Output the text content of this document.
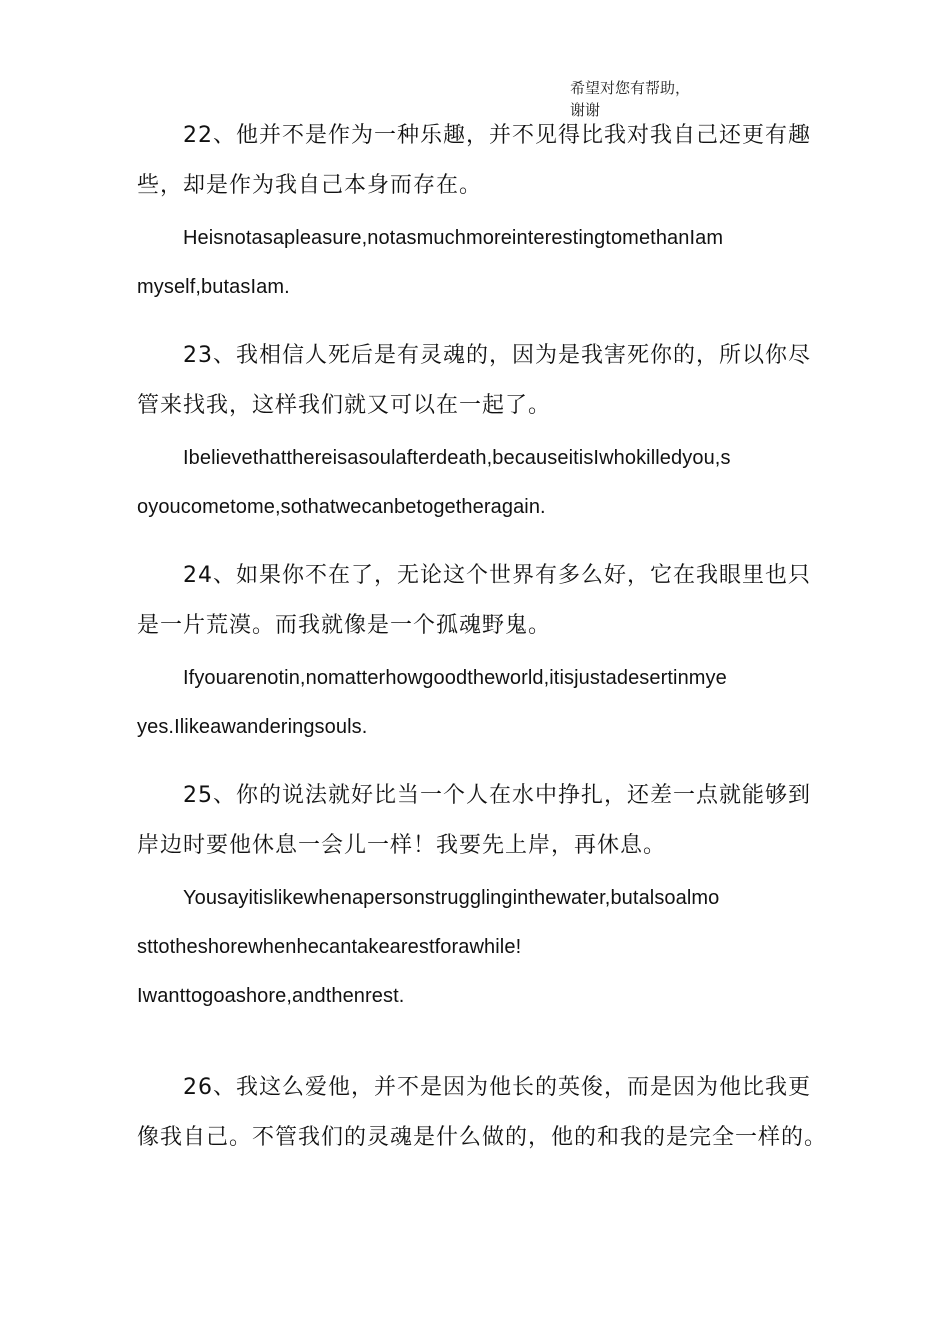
希望对您有帮助，
谢谢
22、他并不是作为一种乐趣，并不见得比我对我自己还更有趣些，却是作为我自己本身而存在。
Heisnotasapleasure,notasmuchmoreinterestingtomethanIam
myself,butasIam.
23、我相信人死后是有灵魂的，因为是我害死你的，所以你尽管来找我，这样我们就又可以在一起了。
Ibelievethatthereisasoulafterdeath,becauseitisIwhokilledyou,s
oyoucometome,sothatwecanbetogetheragain.
24、如果你不在了，无论这个世界有多么好，它在我眼里也只是一片荒漠。而我就像是一个孤魂野鬼。
Ifyouarenotin,nomatterhowgoodtheworld,itisjustadesertinmye
yes.Ilikeawanderingsouls.
25、你的说法就好比当一个人在水中挣扎，还差一点就能够到岸边时要他休息一会儿一样！我要先上岸，再休息。
Yousayitislikewhenapersonstrugglinginthewater,butalsoalmo
sttotheshorewhenhecantakearestforawhile!
Iwanttogoashore,andthenrest.
26、我这么爱他，并不是因为他长的英俊，而是因为他比我更像我自己。不管我们的灵魂是什么做的，他的和我的是完全一样的。
